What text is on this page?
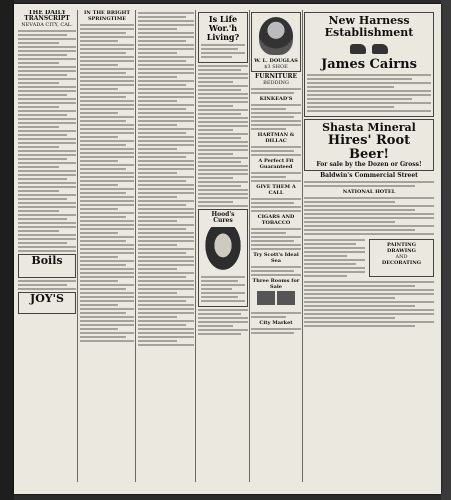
THE DAILY TRANSCRIPT
NEVADA CITY, CAL.
Boils
JOY'S
IN THE BRIGHT SPRINGTIME	Is Life
Wor.'h Living?
Hood's Cures
W. L. DOUGLAS
$3 SHOE
FURNITURE
BEDDING
KINKEAD'S
HARTMAN & DILLAC
A Perfect Fit Guaranteed
GIVE THEM A CALL
CIGARS AND TOBACCO
Try Scott's Ideal Sea
Three Rooms for Sale
City Market
New Harness Establishment

James Cairns
Shasta Mineral
Hires' Root Beer!
For sale by the Dozen or Gross!
Baldwin's Commercial Street
NATIONAL HOTEL
PAINTING
DRAWING
AND
DECORATING
